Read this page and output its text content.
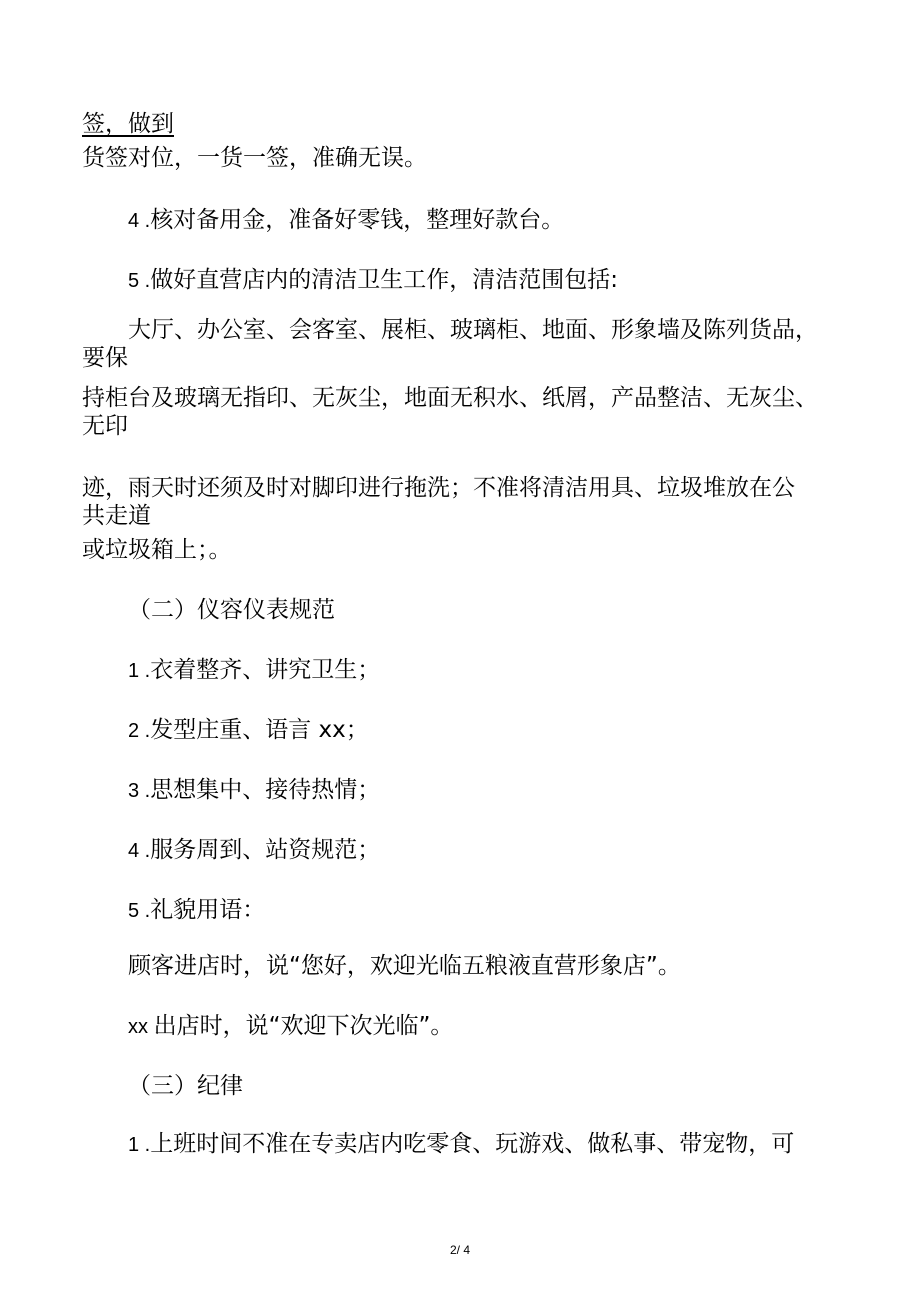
签，做到
货签对位，一货一签，准确无误。
4 .核对备用金，准备好零钱，整理好款台。
5 .做好直营店内的清洁卫生工作，清洁范围包括:
大厅、办公室、会客室、展柜、玻璃柜、地面、形象墙及陈列货品，
要保
持柜台及玻璃无指印、无灰尘，地面无积水、纸屑，产品整洁、无灰尘、
无印
迹，雨天时还须及时对脚印进行拖洗；不准将清洁用具、垃圾堆放在公
共走道
或垃圾箱上；。
（二）仪容仪表规范
1 .衣着整齐、讲究卫生；
2 .发型庄重、语言 xx；
3 .思想集中、接待热情；
4 .服务周到、站资规范；
5 .礼貌用语：
顾客进店时，说“您好，欢迎光临五粮液直营形象店”。
xx 出店时，说“欢迎下次光临”。
（三）纪律
1 .上班时间不准在专卖店内吃零食、玩游戏、做私事、带宠物，可
2/ 4
